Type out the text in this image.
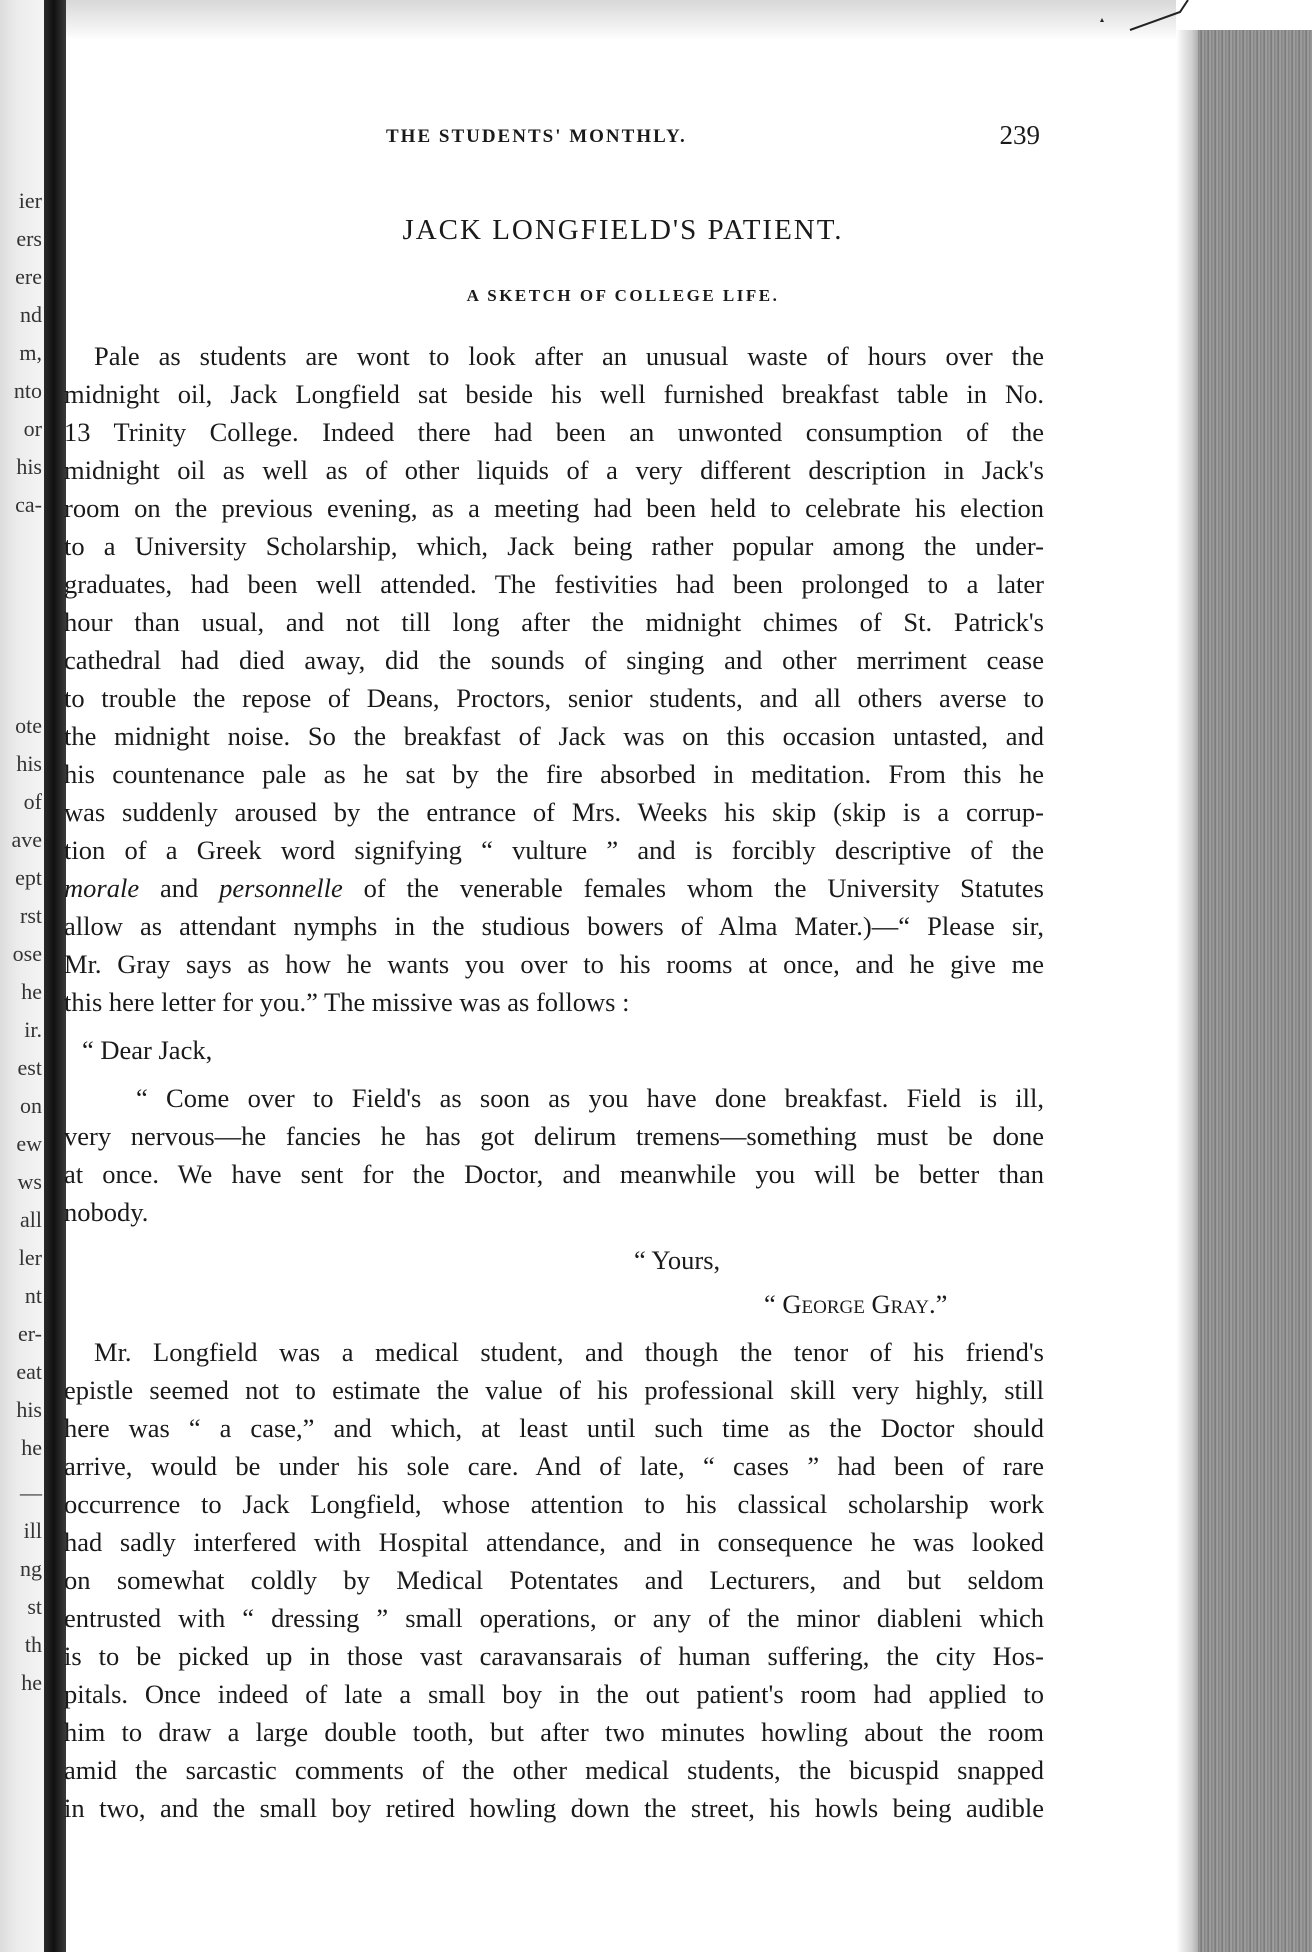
ier
ers
ere
nd
m,
nto
or
his
ca-
ote
his
of
ave
ept
rst
ose
he
ir.
est
on
ew
ws
all
ler
nt
er-
eat
his
he
—
ill
ng
st
th
he
THE STUDENTS' MONTHLY.	239
JACK LONGFIELD'S PATIENT.
A SKETCH OF COLLEGE LIFE.
Pale as students are wont to look after an unusual waste of hours over the
midnight oil, Jack Longfield sat beside his well furnished breakfast table in No.
13 Trinity College. Indeed there had been an unwonted consumption of the
midnight oil as well as of other liquids of a very different description in Jack's
room on the previous evening, as a meeting had been held to celebrate his election
to a University Scholarship, which, Jack being rather popular among the under-
graduates, had been well attended. The festivities had been prolonged to a later
hour than usual, and not till long after the midnight chimes of St. Patrick's
cathedral had died away, did the sounds of singing and other merriment cease
to trouble the repose of Deans, Proctors, senior students, and all others averse to
the midnight noise. So the breakfast of Jack was on this occasion untasted, and
his countenance pale as he sat by the fire absorbed in meditation. From this he
was suddenly aroused by the entrance of Mrs. Weeks his skip (skip is a corrup-
tion of a Greek word signifying “ vulture ” and is forcibly descriptive of the
morale and personnelle of the venerable females whom the University Statutes
allow as attendant nymphs in the studious bowers of Alma Mater.)—“ Please sir,
Mr. Gray says as how he wants you over to his rooms at once, and he give me
this here letter for you.” The missive was as follows :
“ Dear Jack,
“ Come over to Field's as soon as you have done breakfast. Field is ill,
very nervous—he fancies he has got delirum tremens—something must be done
at once. We have sent for the Doctor, and meanwhile you will be better than
nobody.
“ Yours,
“ George Gray.”
Mr. Longfield was a medical student, and though the tenor of his friend's
epistle seemed not to estimate the value of his professional skill very highly, still
here was “ a case,” and which, at least until such time as the Doctor should
arrive, would be under his sole care. And of late, “ cases ” had been of rare
occurrence to Jack Longfield, whose attention to his classical scholarship work
had sadly interfered with Hospital attendance, and in consequence he was looked
on somewhat coldly by Medical Potentates and Lecturers, and but seldom
entrusted with “ dressing ” small operations, or any of the minor diableni which
is to be picked up in those vast caravansarais of human suffering, the city Hos-
pitals. Once indeed of late a small boy in the out patient's room had applied to
him to draw a large double tooth, but after two minutes howling about the room
amid the sarcastic comments of the other medical students, the bicuspid snapped
in two, and the small boy retired howling down the street, his howls being audible
